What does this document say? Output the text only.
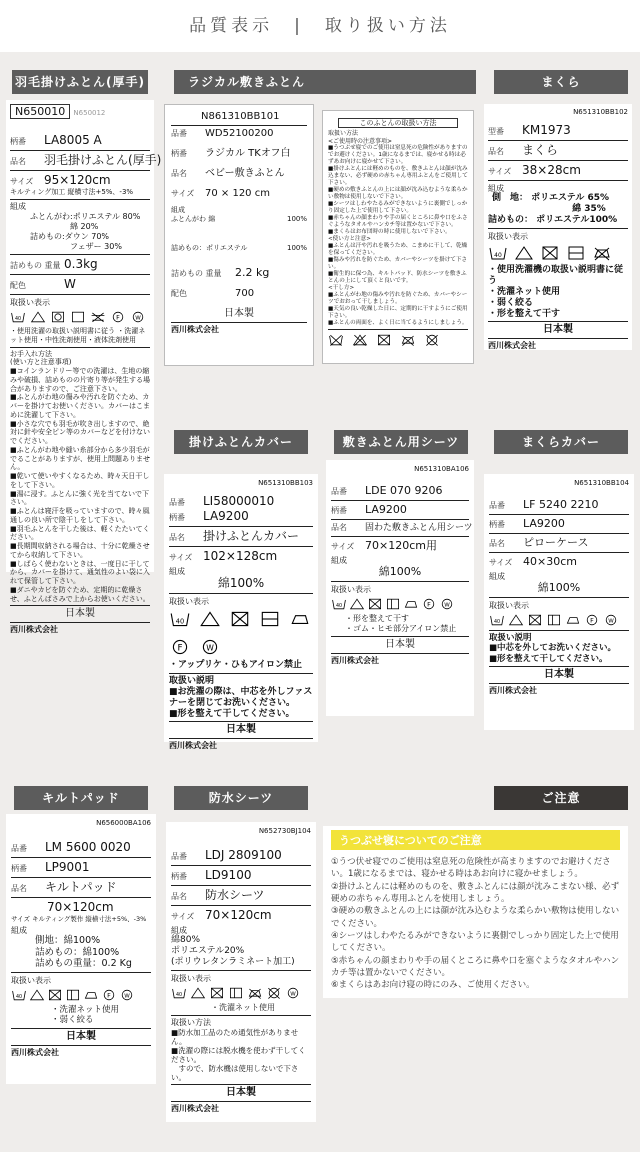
品質表示　|　取り扱い方法
羽毛掛けふとん(厚手)	ラジカル敷きふとん	まくら
N650010 N650012
柄番 LA8005 A
品名 羽毛掛けふとん(厚手)
サイズ 95×120cm
キルティング加工 縦横寸法+5%、-3%
組成
ふとんがわ:ポリエステル 80%
綿 20%
詰めもの:ダウン 70%
フェザー 30%
詰めもの 重量 0.3kg
配色	W
取扱い表示
40	F W
・使用洗濯の取扱い説明書に従う ・洗濯ネット使用・中性洗剤使用・液体洗剤使用
お手入れ方法
(使い方と注意事項)
■コインランドリー等での洗濯は、生地の縮みや破損、詰めものの片寄り等が発生する場合がありますので、ご注意下さい。
■ふとんがわ地の傷みや汚れを防ぐため、カバーを掛けてお使いください。カバーはこまめに洗濯して下さい。
■小さな穴でも羽毛が吹き出しますので、絶対に針や安全ピン等のカバーなどを付けないでください。
■ふとんがわ地や縫い糸部分から多少羽毛がでることがありますが、使用上問題ありません。
■乾いて使いやすくなるため、時々天日干しをして下さい。
■湯に浸す。ふとんに強く光を当てないで下さい。
■ふとんは寝汗を吸っていますので、時々風通しの良い所で陰干しをして下さい。
■羽毛ふとんを干した後は、軽くたたいてください。
■長期間収納される場合は、十分に乾燥させてから収納して下さい。
■しばらく使わないときは、一度日に干してから、カバーを掛けて、通気性のよい袋に入れて保管して下さい。
■ダニやカビを防ぐため、定期的に乾燥させ、ふとんばさみで上からお使いください。
日本製
西川株式会社
N861310BB101
品番 WD52100200
柄番 ラジカル TKオフ白
品名 ベビー敷きふとん
サイズ 70 × 120 cm
組成
ふとんがわ 綿	100%
詰めもの：ポリエステル	100%
詰めもの 重量 2.2 kg
配色	700
日本製
西川株式会社
このふとんの取扱い方法
取扱い方法
<ご使用時の注意事項>
■うつぶせ寝でのご使用は窒息死の危険性がありますのでお避けください。1歳になるまでは、寝かせる時は必ずあお向けに寝かせて下さい。
■掛けふとんには軽めのものを、敷きふとんは顔が沈み込まない、必ず硬めの赤ちゃん専用ふとんをご使用して下さい。
■硬めの敷きふとんの上には顔が沈み込むような柔らかい敷物は使用しないで下さい。
■シーツはしわやたるみができないように裏側でしっかり固定した上で使用して下さい。
■赤ちゃんの顔まわりや手の届くところに鼻や口をふさぐようなタオルやハンカチ等は置かないで下さい。
■まくらはお布団時の時に使用しないで下さい。
<使い方と注意>
■ふとんは汗や汚れを吸うため、こまめに干して、乾燥を保ってください。
■傷みや汚れを防ぐため、カバーやシーツを掛けて下さい。
■衛生的に保つ為、キルトパッド、防水シーツを敷きふとんの上にして頂くと良いです。
<干し方>
■ふとんがわ地の傷みや汚れを防ぐため、カバーやシーツでおおって干しましょう。
■天気の良い乾燥した日に、定期的に干すようにご使用下さい。
■ふとんの両面を、よく日に当てるようにしましょう。
N651310BB102
型番 KM1973
品名 まくら
サイズ 38×28cm
組成
側　地： ポリエステル 65%
綿 35%
詰めもの： ポリエステル100%
取扱い表示
40
・使用洗濯機の取扱い説明書に従う
・洗濯ネット使用
・弱く絞る
・形を整えて干す
日本製
西川株式会社
掛けふとんカバー	敷きふとん用シーツ	まくらカバー
N651310BB103
品番 LI58000010
柄番 LA9200
品名 掛けふとんカバー
サイズ 102×128cm
組成
綿100%
取扱い表示
40
F	W
・アップリケ・ひもアイロン禁止
取扱い説明
■お洗濯の際は、中芯を外しファスナーを閉じてお洗いください。
■形を整えて干してください。
日本製
西川株式会社
N651310BA106
品番 LDE 070 9206
柄番 LA9200
品名 固わた敷きふとん用シーツ
サイズ 70×120cm用
組成
綿100%
取扱い表示
40	F W
・形を整えて干す
・ゴム・ヒモ部分アイロン禁止
日本製
西川株式会社
N651310BB104
品番 LF 5240 2210
柄番 LA9200
品名 ピローケース
サイズ 40×30cm
組成
綿100%
取扱い表示
40	F W
取扱い説明
■中芯を外してお洗いください。
■形を整えて干してください。
日本製
西川株式会社
キルトパッド	防水シーツ	ご注意
N656000BA106
品番 LM 5600 0020
柄番 LP9001
品名 キルトパッド
70×120cm
サイズ キルティング製作 縦横寸法+5%、-3%
組成
側地：綿100%
詰めもの：綿100%
詰めもの重量：0.2 Kg
取扱い表示
40	F W
・洗濯ネット使用
・弱く絞る
日本製
西川株式会社
N652730BJ104
品番 LDJ 2809100
柄番 LD9100
品名 防水シーツ
サイズ 70×120cm
組成
綿80%
ポリエステル20%
(ポリウレタンラミネート加工)
取扱い表示
40	W
・洗濯ネット使用
取扱い方法
■防水加工品のため通気性がありません。
■洗濯の際には脱水機を使わず干してください。
　すので、防水機は使用しないで下さい。
日本製
西川株式会社
うつぶせ寝についてのご注意
①うつ伏せ寝でのご使用は窒息死の危険性が高まりますのでお避けください。1歳になるまでは、寝かせる時はあお向けに寝かせましょう。
②掛けふとんには軽めのものを、敷きふとんには顔が沈みこまない様、必ず硬めの赤ちゃん専用ふとんを使用しましょう。
③硬めの敷きふとんの上には顔が沈み込むような柔らかい敷物は使用しないでください。
④シーツはしわやたるみができないように裏側でしっかり固定した上で使用してください。
⑤赤ちゃんの顔まわりや手の届くところに鼻や口を塞ぐようなタオルやハンカチ等は置かないでください。
⑥まくらはあお向け寝の時にのみ、ご使用ください。
